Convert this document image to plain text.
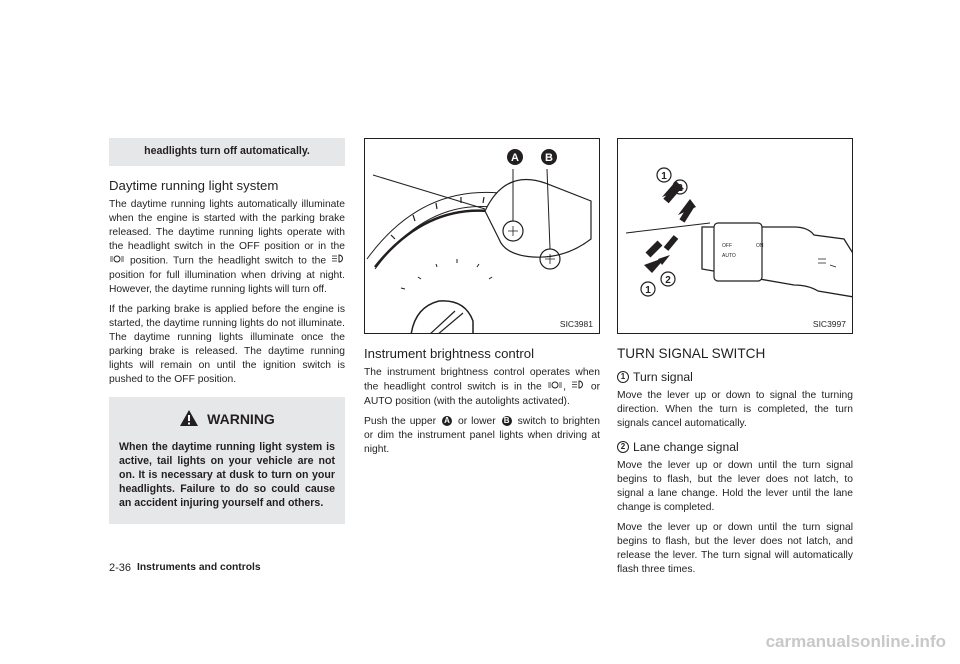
headlights turn off automatically.
Daytime running light system

The daytime running lights automatically illuminate when the engine is started with the parking brake released. The daytime running lights operate with the headlight switch in the OFF position or in the  position. Turn the headlight switch to the  position for full illumination when driving at night. However, the daytime running lights will turn off.

If the parking brake is applied before the engine is started, the daytime running lights do not illuminate. The daytime running lights illuminate once the parking brake is released. The daytime running lights will remain on until the ignition switch is pushed to the OFF position.

WARNING

When the daytime running light system is active, tail lights on your vehicle are not on. It is necessary at dusk to turn on your headlights. Failure to do so could cause an accident injuring yourself and others.

A B
SIC3981
Instrument brightness control

The instrument brightness control operates when the headlight control switch is in the , or AUTO position (with the autolights activated).

Push the upper A or lower B switch to brighten or dim the instrument panel lights when driving at night.

OFF
AUTO
ON
1
2
1
2
SIC3997
TURN SIGNAL SWITCH
1 Turn signal

Move the lever up or down to signal the turning direction. When the turn is completed, the turn signals cancel automatically.

2 Lane change signal

Move the lever up or down until the turn signal begins to flash, but the lever does not latch, to signal a lane change. Hold the lever until the lane change is completed.

Move the lever up or down until the turn signal begins to flash, but the lever does not latch, and release the lever. The turn signal will automatically flash three times.

2-36 Instruments and controls
carmanualsonline.info
